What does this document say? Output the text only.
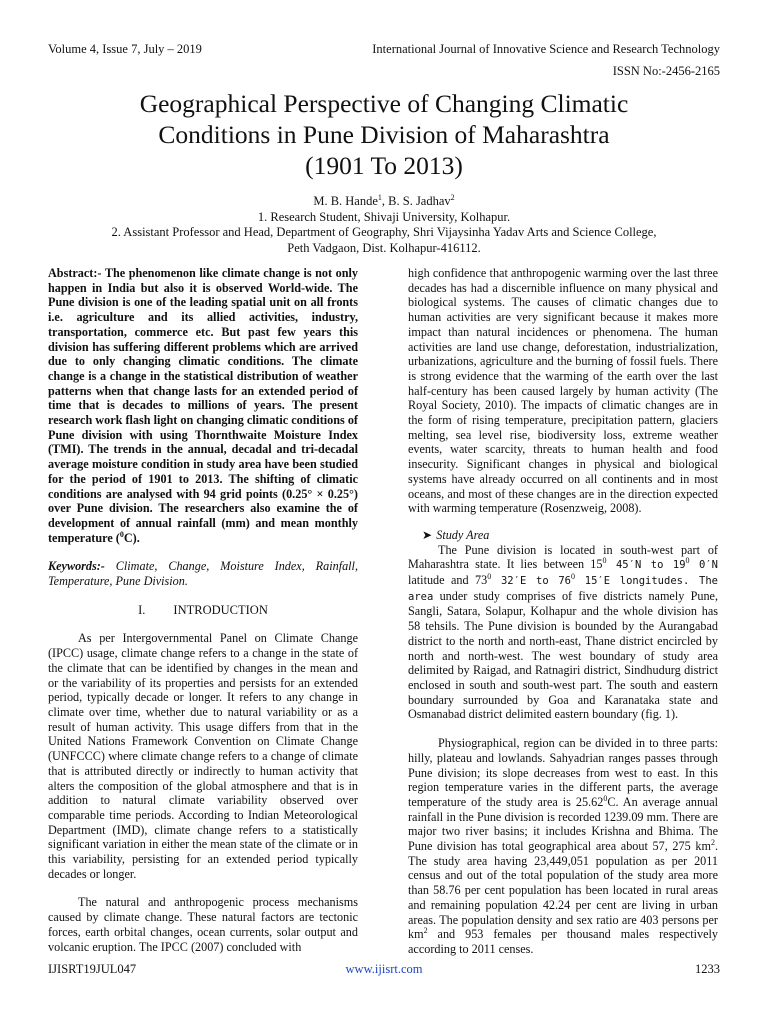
Volume 4, Issue 7, July – 2019	International Journal of Innovative Science and Research Technology
ISSN No:-2456-2165
Geographical Perspective of Changing Climatic
Conditions in Pune Division of Maharashtra
(1901 To 2013)
M. B. Hande$^1$, B. S. Jadhav$^2$
1. Research Student, Shivaji University, Kolhapur.
2. Assistant Professor and Head, Department of Geography, Shri Vijaysinha Yadav Arts and Science College,
Peth Vadgaon, Dist. Kolhapur-416112.

Abstract:- The phenomenon like climate change is not only happen in India but also it is observed World-wide. The Pune division is one of the leading spatial unit on all fronts i.e. agriculture and its allied activities, industry, transportation, commerce etc. But past few years this division has suffering different problems which are arrived due to only changing climatic conditions. The climate change is a change in the statistical distribution of weather patterns when that change lasts for an extended period of time that is decades to millions of years. The present research work flash light on changing climatic conditions of Pune division with using Thornthwaite Moisture Index (TMI). The trends in the annual, decadal and tri-decadal average moisture condition in study area have been studied for the period of 1901 to 2013. The shifting of climatic conditions are analysed with 94 grid points (0.25° × 0.25°) over Pune division. The researchers also examine the of development of annual rainfall (mm) and mean monthly temperature ($^0$C).

Keywords:- Climate, Change, Moisture Index, Rainfall, Temperature, Pune Division.

I. INTRODUCTION

As per Intergovernmental Panel on Climate Change (IPCC) usage, climate change refers to a change in the state of the climate that can be identified by changes in the mean and or the variability of its properties and persists for an extended period, typically decade or longer. It refers to any change in climate over time, whether due to natural variability or as a result of human activity. This usage differs from that in the United Nations Framework Convention on Climate Change (UNFCCC) where climate change refers to a change of climate that is attributed directly or indirectly to human activity that alters the composition of the global atmosphere and that is in addition to natural climate variability observed over comparable time periods. According to Indian Meteorological Department (IMD), climate change refers to a statistically significant variation in either the mean state of the climate or in this variability, persisting for an extended period typically decades or longer.

The natural and anthropogenic process mechanisms caused by climate change. These natural factors are tectonic forces, earth orbital changes, ocean currents, solar output and volcanic eruption. The IPCC (2007) concluded with

high confidence that anthropogenic warming over the last three decades has had a discernible influence on many physical and biological systems. The causes of climatic changes due to human activities are very significant because it makes more impact than natural incidences or phenomena. The human activities are land use change, deforestation, industrialization, urbanizations, agriculture and the burning of fossil fuels. There is strong evidence that the warming of the earth over the last half-century has been caused largely by human activity (The Royal Society, 2010). The impacts of climatic changes are in the form of rising temperature, precipitation pattern, glaciers melting, sea level rise, biodiversity loss, extreme weather events, water scarcity, threats to human health and food insecurity. Significant changes in physical and biological systems have already occurred on all continents and in most oceans, and most of these changes are in the direction expected with warming temperature (Rosenzweig, 2008).

➤ Study Area

The Pune division is located in south-west part of Maharashtra state. It lies between $15^0$ 45′N to $19^0$ 0′N latitude and $73^0$ 32′E to $76^0$ 15′E longitudes. The area under study comprises of five districts namely Pune, Sangli, Satara, Solapur, Kolhapur and the whole division has 58 tehsils. The Pune division is bounded by the Aurangabad district to the north and north-east, Thane district encircled by north and north-west. The west boundary of study area delimited by Raigad, and Ratnagiri district, Sindhudurg district enclosed in south and south-west part. The south and eastern boundary surrounded by Goa and Karanataka state and Osmanabad district delimited eastern boundary (fig. 1).

Physiographical, region can be divided in to three parts: hilly, plateau and lowlands. Sahyadrian ranges passes through Pune division; its slope decreases from west to east. In this region temperature varies in the different parts, the average temperature of the study area is 25.62$^0$C. An average annual rainfall in the Pune division is recorded 1239.09 mm. There are major two river basins; it includes Krishna and Bhima. The Pune division has total geographical area about 57, 275 $km^2$. The study area having 23,449,051 population as per 2011 census and out of the total population of the study area more than 58.76 per cent population has been located in rural areas and remaining population 42.24 per cent are living in urban areas. The population density and sex ratio are 403 persons per $km^2$ and 953 females per thousand males respectively according to 2011 censes.

IJISRT19JUL047	www.ijisrt.com	1233
